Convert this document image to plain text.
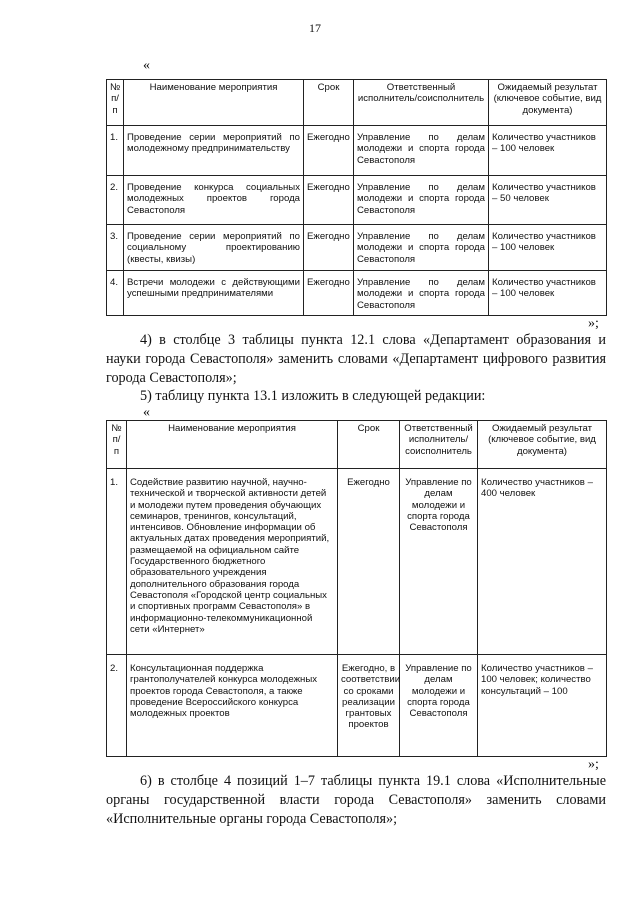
17
«
№ п/п	Наименование мероприятия	Срок	Ответственный исполнитель/соисполнитель	Ожидаемый результат (ключевое событие, вид документа)
1.	Проведение серии мероприятий по молодежному предпринимательству	Ежегодно	Управление по делам молодежи и спорта города Севастополя	Количество участников – 100 человек
2.	Проведение конкурса социальных молодежных проектов города Севастополя	Ежегодно	Управление по делам молодежи и спорта города Севастополя	Количество участников – 50 человек
3.	Проведение серии мероприятий по социальному проектированию (квесты, квизы)	Ежегодно	Управление по делам молодежи и спорта города Севастополя	Количество участников – 100 человек
4.	Встречи молодежи с действующими успешными предпринимателями	Ежегодно	Управление по делам молодежи и спорта города Севастополя	Количество участников – 100 человек
»;
4) в столбце 3 таблицы пункта 12.1 слова «Департамент образования и науки города Севастополя» заменить словами «Департамент цифрового развития города Севастополя»;
5) таблицу пункта 13.1 изложить в следующей редакции:
«
№ п/п	Наименование мероприятия	Срок	Ответственный исполнитель/ соисполнитель	Ожидаемый результат (ключевое событие, вид документа)
1.	Содействие развитию научной, научно-технической и творческой активности детей и молодежи путем проведения обучающих семинаров, тренингов, консультаций, интенсивов. Обновление информации об актуальных датах проведения мероприятий, размещаемой на официальном сайте Государственного бюджетного образовательного учреждения дополнительного образования города Севастополя «Городской центр социальных и спортивных программ Севастополя» в информационно-телекоммуникационной сети «Интернет»	Ежегодно	Управление по делам молодежи и спорта города Севастополя	Количество участников – 400 человек
2.	Консультационная поддержка грантополучателей конкурса молодежных проектов города Севастополя, а также проведение Всероссийского конкурса молодежных проектов	Ежегодно, в соответствии со сроками реализации грантовых проектов	Управление по делам молодежи и спорта города Севастополя	Количество участников – 100 человек; количество консультаций – 100
»;
6) в столбце 4 позиций 1–7 таблицы пункта 19.1 слова «Исполнительные органы государственной власти города Севастополя» заменить словами «Исполнительные органы города Севастополя»;
